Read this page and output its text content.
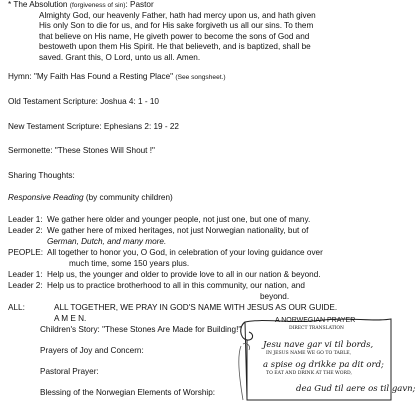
* The Absolution (forgiveness of sin): Pastor
Almighty God, our heavenly Father, hath had mercy upon us, and hath given
His only Son to die for us, and for His sake forgiveth us all our sins. To them
that believe on His name, He giveth power to become the sons of God and
bestoweth upon them His Spirit. He that believeth, and is baptized, shall be
saved. Grant this, O Lord, unto us all. Amen.
Hymn: "My Faith Has Found a Resting Place" (See songsheet.)
Old Testament Scripture: Joshua 4: 1 - 10
New Testament Scripture: Ephesians 2: 19 - 22
Sermonette: "These Stones Will Shout !"
Sharing Thoughts:
Responsive Reading (by community children)
Leader 1: We gather here older and younger people, not just one, but one of many.
Leader 2: We gather here of mixed heritages, not just Norwegian nationality, but of
German, Dutch, and many more.
PEOPLE: All together to honor you, O God, in celebration of your loving guidance over
much time, some 150 years plus.
Leader 1: Help us, the younger and older to provide love to all in our nation & beyond.
Leader 2: Help us to practice brotherhood to all in this community, our nation, and
beyond.
ALL:	ALL TOGETHER, WE PRAY IN GOD'S NAME WITH JESUS AS OUR GUIDE.
A M E N.
Children's Story: "These Stones Are Made for Building!"
Prayers of Joy and Concern:
Pastoral Prayer:
Blessing of the Norwegian Elements of Worship:
A NORWEGIAN PRAYER
DIRECT TRANSLATION
Jesu nave gar vi til bords,
IN JESUS NAME WE GO TO TABLE,
a spise og drikke pa dit ord;
TO EAT AND DRINK AT THE WORD,
dea Gud til aere os til gavn;
